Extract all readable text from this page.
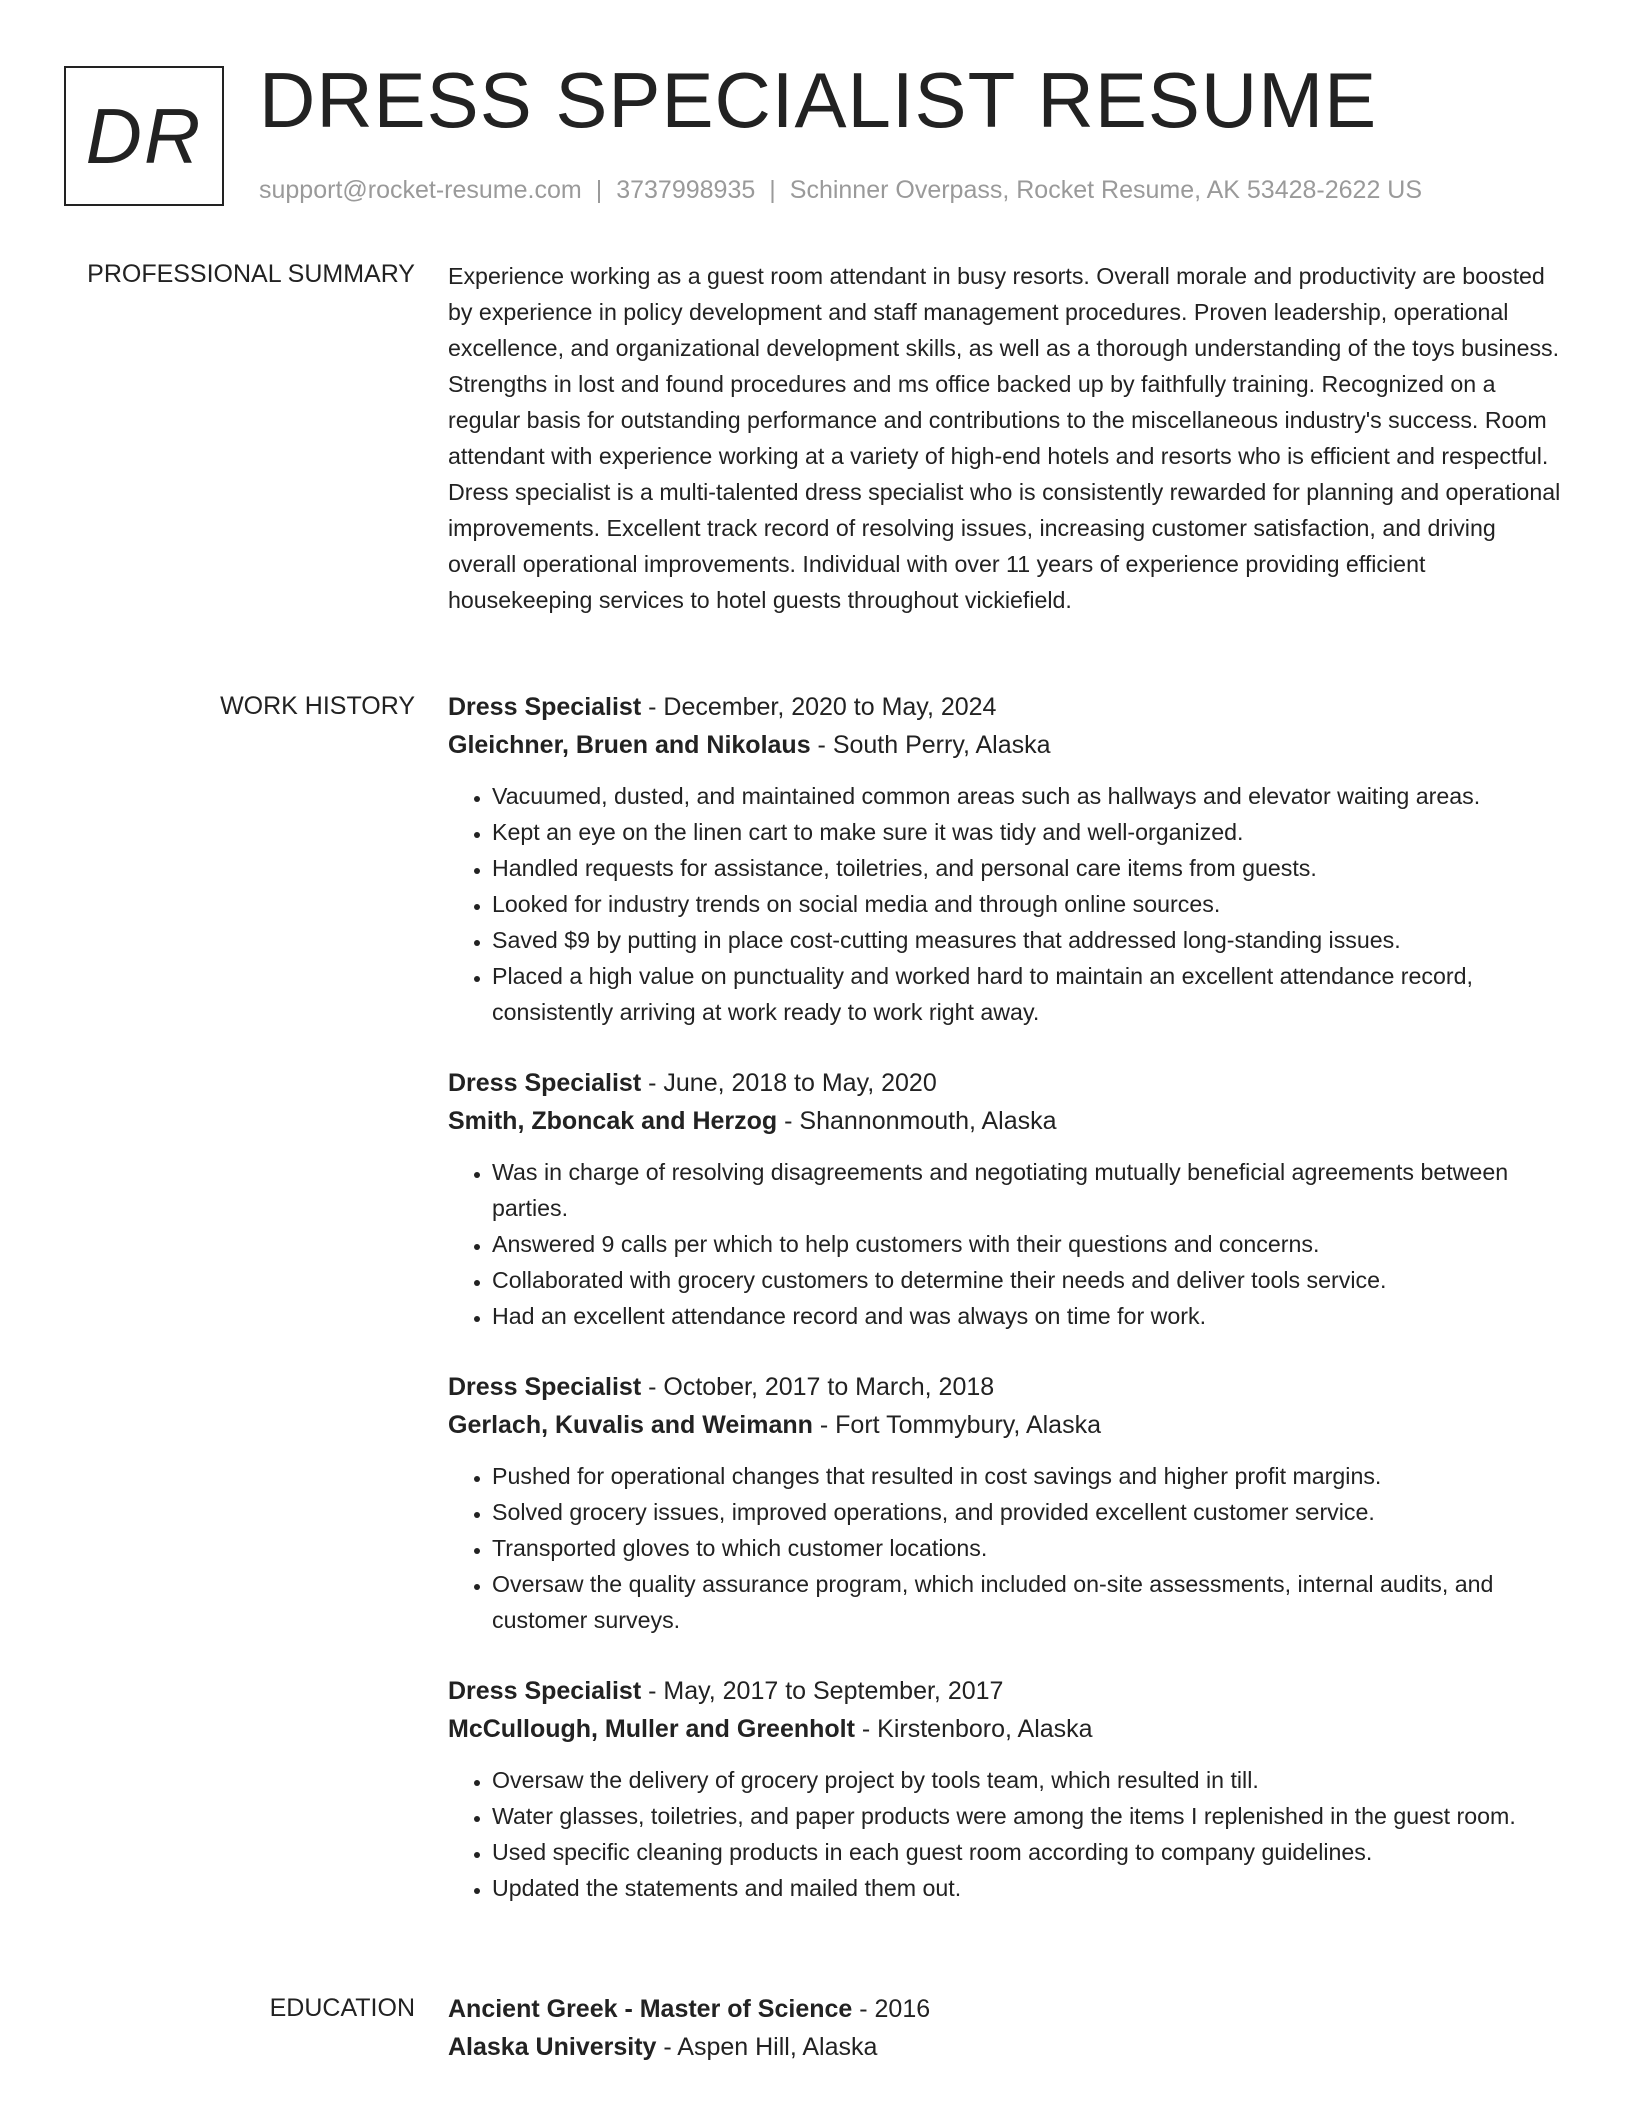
DR DRESS SPECIALIST RESUME
support@rocket-resume.com | 3737998935 | Schinner Overpass, Rocket Resume, AK 53428-2622 US
PROFESSIONAL SUMMARY Experience working as a guest room attendant in busy resorts. Overall morale and productivity are boosted by experience in policy development and staff management procedures. Proven leadership, operational excellence, and organizational development skills, as well as a thorough understanding of the toys business. Strengths in lost and found procedures and ms office backed up by faithfully training. Recognized on a regular basis for outstanding performance and contributions to the miscellaneous industry's success. Room attendant with experience working at a variety of high-end hotels and resorts who is efficient and respectful. Dress specialist is a multi-talented dress specialist who is consistently rewarded for planning and operational improvements. Excellent track record of resolving issues, increasing customer satisfaction, and driving overall operational improvements. Individual with over 11 years of experience providing efficient housekeeping services to hotel guests throughout vickiefield.

WORK HISTORY Dress Specialist - December, 2020 to May, 2024
Gleichner, Bruen and Nikolaus - South Perry, Alaska
• Vacuumed, dusted, and maintained common areas such as hallways and elevator waiting areas.
• Kept an eye on the linen cart to make sure it was tidy and well-organized.
• Handled requests for assistance, toiletries, and personal care items from guests.
• Looked for industry trends on social media and through online sources.
• Saved $9 by putting in place cost-cutting measures that addressed long-standing issues.
• Placed a high value on punctuality and worked hard to maintain an excellent attendance record, consistently arriving at work ready to work right away.
Dress Specialist - June, 2018 to May, 2020
Smith, Zboncak and Herzog - Shannonmouth, Alaska
• Was in charge of resolving disagreements and negotiating mutually beneficial agreements between parties.
• Answered 9 calls per which to help customers with their questions and concerns.
• Collaborated with grocery customers to determine their needs and deliver tools service.
• Had an excellent attendance record and was always on time for work.
Dress Specialist - October, 2017 to March, 2018
Gerlach, Kuvalis and Weimann - Fort Tommybury, Alaska
• Pushed for operational changes that resulted in cost savings and higher profit margins.
• Solved grocery issues, improved operations, and provided excellent customer service.
• Transported gloves to which customer locations.
• Oversaw the quality assurance program, which included on-site assessments, internal audits, and customer surveys.
Dress Specialist - May, 2017 to September, 2017
McCullough, Muller and Greenholt - Kirstenboro, Alaska
• Oversaw the delivery of grocery project by tools team, which resulted in till.
• Water glasses, toiletries, and paper products were among the items I replenished in the guest room.
• Used specific cleaning products in each guest room according to company guidelines.
• Updated the statements and mailed them out.
EDUCATION Ancient Greek - Master of Science - 2016
Alaska University - Aspen Hill, Alaska
